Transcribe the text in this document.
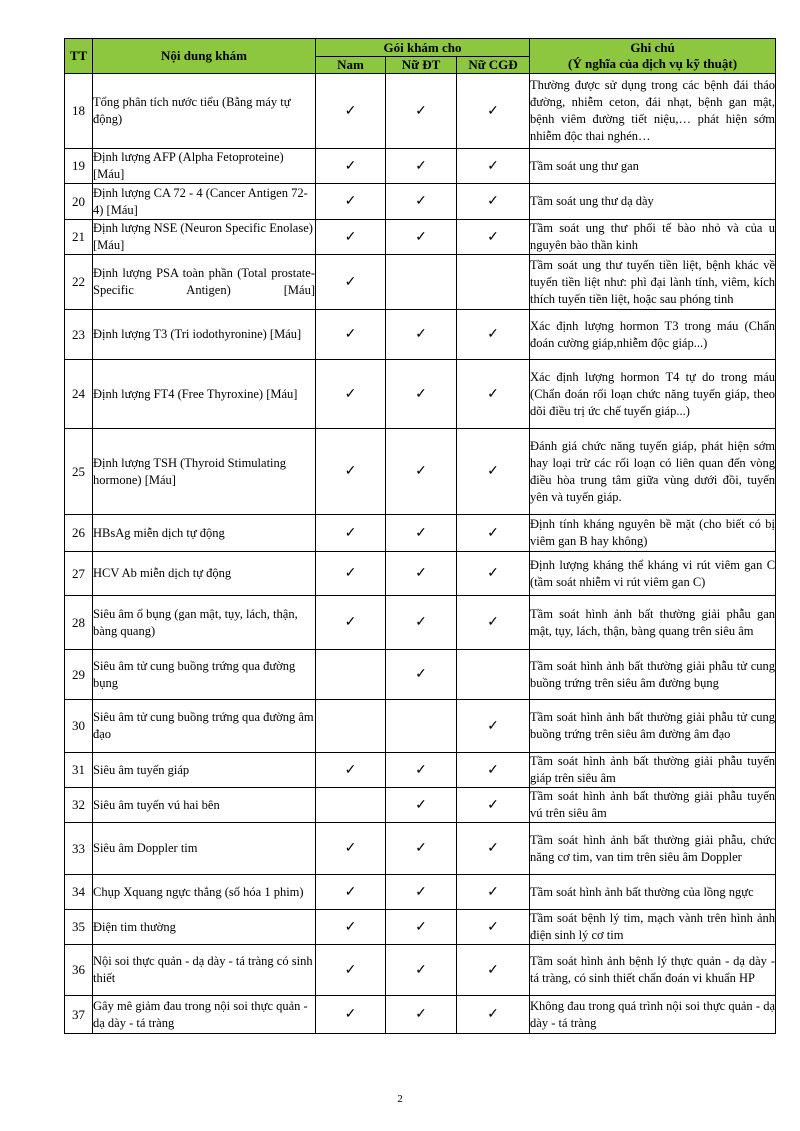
TT	Nội dung khám	Gói khám cho			Ghi chú
(Ý nghĩa của dịch vụ kỹ thuật)

		Nam	Nữ ĐT	Nữ CGĐ	
18	Tổng phân tích nước tiểu (Bằng máy tự động)	✓	✓	✓	Thường được sử dụng trong các bệnh đái tháo đường, nhiễm ceton, đái nhạt, bệnh gan mật, bệnh viêm đường tiết niệu,… phát hiện sớm nhiễm độc thai nghén…
19	Định lượng AFP (Alpha Fetoproteine) [Máu]	✓	✓	✓	Tầm soát ung thư gan
20	Định lượng CA 72 - 4 (Cancer Antigen 72- 4) [Máu]	✓	✓	✓	Tầm soát ung thư dạ dày
21	Định lượng NSE (Neuron Specific Enolase) [Máu]	✓	✓	✓	Tầm soát ung thư phổi tế bào nhỏ và của u nguyên bào thần kinh
22	Định lượng PSA toàn phần (Total prostate-Specific Antigen) [Máu]	✓			Tầm soát ung thư tuyến tiền liệt, bệnh khác về tuyến tiền liệt như: phì đại lành tính, viêm, kích thích tuyến tiền liệt, hoặc sau phóng tinh
23	Định lượng T3 (Tri iodothyronine) [Máu]	✓	✓	✓	Xác định lượng hormon T3 trong máu (Chẩn đoán cường giáp,nhiễm độc giáp...)
24	Định lượng FT4 (Free Thyroxine) [Máu]	✓	✓	✓	Xác định lượng hormon T4 tự do trong máu (Chẩn đoán rối loạn chức năng tuyến giáp, theo dõi điều trị ức chế tuyến giáp...)
25	Định lượng TSH (Thyroid Stimulating hormone) [Máu]	✓	✓	✓	Đánh giá chức năng tuyến giáp, phát hiện sớm hay loại trừ các rối loạn có liên quan đến vòng điều hòa trung tâm giữa vùng dưới đồi, tuyến yên và tuyến giáp.
26	HBsAg miễn dịch tự động	✓	✓	✓	Định tính kháng nguyên bề mặt (cho biết có bị viêm gan B hay không)
27	HCV Ab miễn dịch tự động	✓	✓	✓	Định lượng kháng thể kháng vi rút viêm gan C (tầm soát nhiễm vi rút viêm gan C)
28	Siêu âm ổ bụng (gan mật, tụy, lách, thận, bàng quang)	✓	✓	✓	Tầm soát hình ảnh bất thường giải phẫu gan mật, tụy, lách, thận, bàng quang trên siêu âm
29	Siêu âm tử cung buồng trứng qua đường bụng		✓		Tầm soát hình ảnh bất thường giải phẫu tử cung buồng trứng trên siêu âm đường bụng
30	Siêu âm tử cung buồng trứng qua đường âm đạo			✓	Tầm soát hình ảnh bất thường giải phẫu tử cung buồng trứng trên siêu âm đường âm đạo
31	Siêu âm tuyến giáp	✓	✓	✓	Tầm soát hình ảnh bất thường giải phẫu tuyến giáp trên siêu âm
32	Siêu âm tuyến vú hai bên		✓	✓	Tầm soát hình ảnh bất thường giải phẫu tuyến vú trên siêu âm
33	Siêu âm Doppler tim	✓	✓	✓	Tầm soát hình ảnh bất thường giải phẫu, chức năng cơ tim, van tim trên siêu âm Doppler
34	Chụp Xquang ngực thẳng (số hóa 1 phim)	✓	✓	✓	Tầm soát hình ảnh bất thường của lồng ngực
35	Điện tim thường	✓	✓	✓	Tầm soát bệnh lý tim, mạch vành trên hình ảnh điện sinh lý cơ tim
36	Nội soi thực quản - dạ dày - tá tràng có sinh thiết	✓	✓	✓	Tầm soát hình ảnh bệnh lý thực quản - dạ dày - tá tràng, có sinh thiết chẩn đoán vi khuẩn HP
37	Gây mê giảm đau trong nội soi thực quản - dạ dày - tá tràng	✓	✓	✓	Không đau trong quá trình nội soi thực quản - dạ dày - tá tràng
2
